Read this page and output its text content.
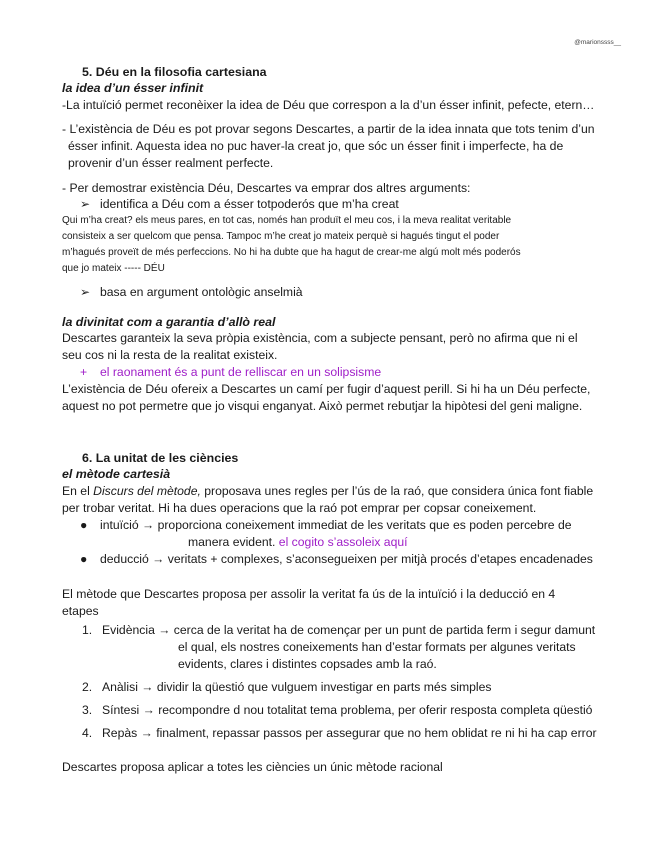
@marionssss__
5. Déu en la filosofia cartesiana
la idea d’un ésser infinit
-La intuïció permet reconèixer la idea de Déu que correspon a la d’un ésser infinit, pefecte, etern…
- L’existència de Déu es pot provar segons Descartes, a partir de la idea innata que tots tenim d’un
ésser infinit. Aquesta idea no puc haver-la creat jo, que sóc un ésser finit i imperfecte, ha de
provenir d’un ésser realment perfecte.
- Per demostrar existència Déu, Descartes va emprar dos altres arguments:
➢ identifica a Déu com a ésser totpoderós que m’ha creat
Qui m’ha creat? els meus pares, en tot cas, només han produït el meu cos, i la meva realitat veritable
consisteix a ser quelcom que pensa. Tampoc m’he creat jo mateix perquè si hagués tingut el poder
m’hagués proveït de més perfeccions. No hi ha dubte que ha hagut de crear-me algú molt més poderós
que jo mateix ----- DÉU
➢ basa en argument ontològic anselmià
la divinitat com a garantia d’allò real
Descartes garanteix la seva pròpia existència, com a subjecte pensant, però no afirma que ni el
seu cos ni la resta de la realitat existeix.
+ el raonament és a punt de relliscar en un solipsisme
L’existència de Déu ofereix a Descartes un camí per fugir d’aquest perill. Si hi ha un Déu perfecte,
aquest no pot permetre que jo visqui enganyat. Això permet rebutjar la hipòtesi del geni maligne.
6. La unitat de les ciències
el mètode cartesià
En el Discurs del mètode, proposava unes regles per l’ús de la raó, que considera única font fiable
per trobar veritat. Hi ha dues operacions que la raó pot emprar per copsar coneixement.
● intuïció → proporciona coneixement immediat de les veritats que es poden percebre de
manera evident. el cogito s’assoleix aquí
● deducció → veritats + complexes, s’aconsegueixen per mitjà procés d’etapes encadenades
El mètode que Descartes proposa per assolir la veritat fa ús de la intuïció i la deducció en 4
etapes
1. Evidència → cerca de la veritat ha de començar per un punt de partida ferm i segur damunt
el qual, els nostres coneixements han d’estar formats per algunes veritats
evidents, clares i distintes copsades amb la raó.
2. Anàlisi → dividir la qüestió que vulguem investigar en parts més simples
3. Síntesi → recompondre d nou totalitat tema problema, per oferir resposta completa qüestió
4. Repàs → finalment, repassar passos per assegurar que no hem oblidat re ni hi ha cap error
Descartes proposa aplicar a totes les ciències un únic mètode racional
